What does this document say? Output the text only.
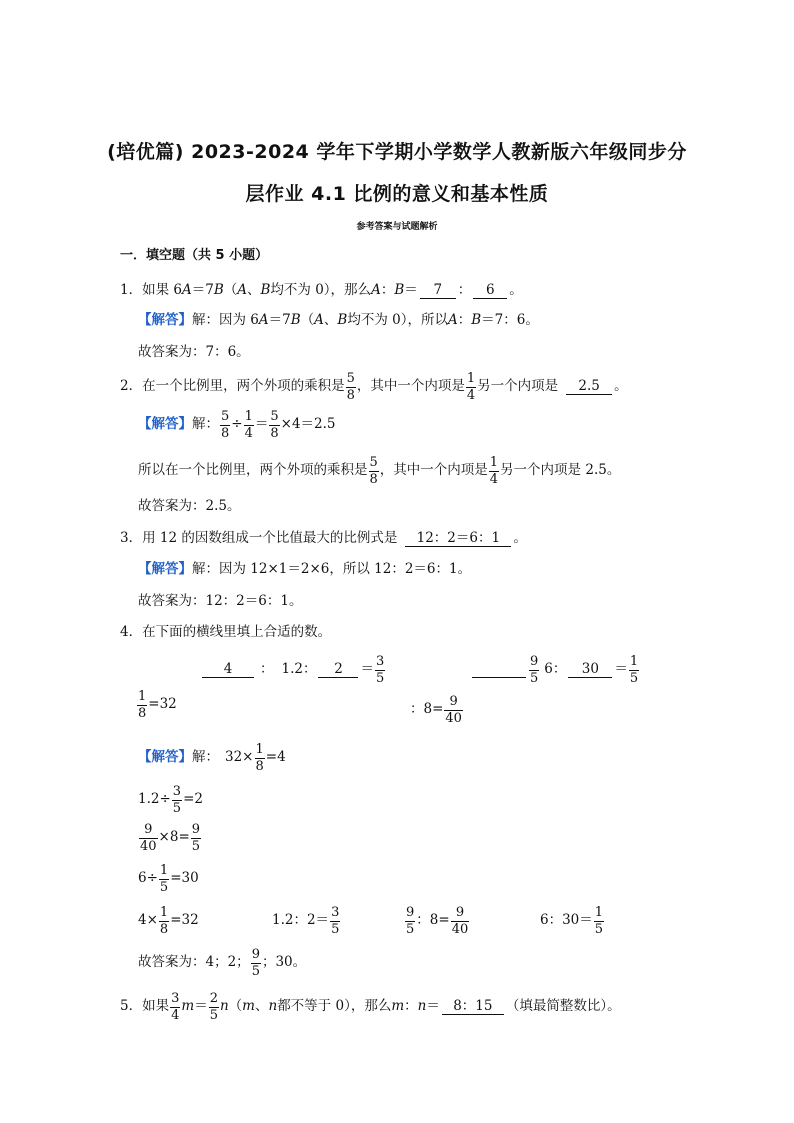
(培优篇) 2023-2024 学年下学期小学数学人教新版六年级同步分
层作业 4.1 比例的意义和基本性质
参考答案与试题解析
一．填空题（共 5 小题）
1．如果 6 A ＝7 B （ A 、 B 均不为 0），那么 A ： B ＝	7	：	6	。
【解答】 解：因为 6 A ＝7 B （ A 、 B 均不为 0），所以 A ： B ＝7：6。
故答案为：7：6。
2．在一个比例里，两个外项的乘积是 $\frac{5}{8}$ ，其中一个内项是 $\frac{1}{4}$ 另一个内项是	2.5	。
【解答】 解： $\frac{5}{8} \div \frac{1}{4} = \frac{5}{8} \times 4=2.5$
所以在一个比例里，两个外项的乘积是 $\frac{5}{8}$ ，其中一个内项是 $\frac{1}{4}$ 另一个内项是 2.5。
故答案为：2.5。
3．用 12 的因数组成一个比值最大的比例式是	12：2＝6：1 。
【解答】 解：因为 12×1＝2×6，所以 12：2＝6：1。
故答案为：12：2＝6：1。
4．在下面的横线里填上合适的数。
4	： 1.2：	2	＝ $\frac{3}{5}$	$\frac{9}{5} 6$：	30	＝ $\frac{1}{5}$
$\frac{1}{8} =32$	：$8= \frac{9}{40}$
【解答】 解： $32\times \frac{1}{8} =4$
$1.2\div \frac{3}{5} =2$
$\frac{9}{40} \times 8= \frac{9}{5}$
$6\div \frac{1}{5} =30$
$4\times \frac{1}{8} =32$	1.2：$2= \frac{3}{5}$	$\frac{9}{5}$ ：$8= \frac{9}{40}$	6：$30= \frac{1}{5}$
故答案为：4；2； $\frac{9}{5}$ ；30。
5．如果 $\frac{3}{4}$ $m = \frac{2}{5}$ n （ m 、 n 都不等于 0），那么 m ： n ＝ 8：15 （填最简整数比）。
